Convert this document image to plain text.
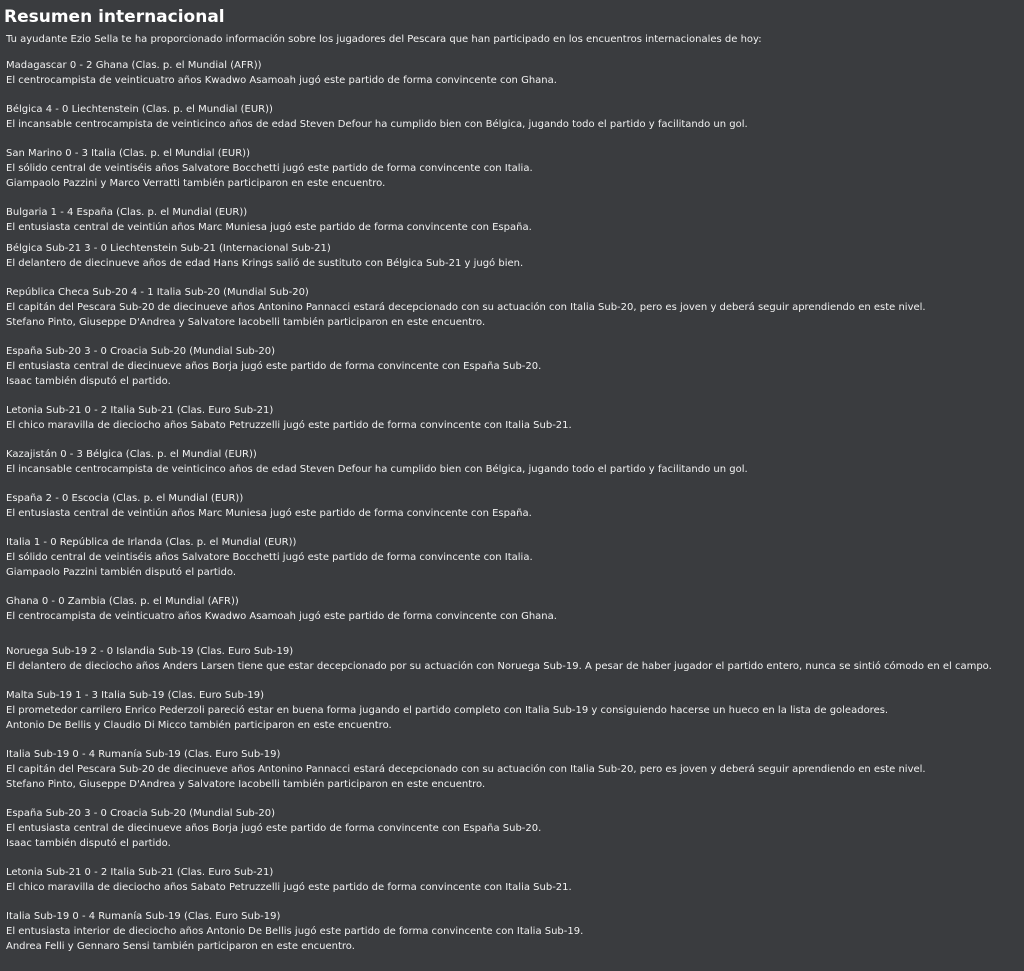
Resumen internacional
Tu ayudante Ezio Sella te ha proporcionado información sobre los jugadores del Pescara que han participado en los encuentros internacionales de hoy:
Madagascar 0 - 2 Ghana (Clas. p. el Mundial (AFR))
El centrocampista de veinticuatro años Kwadwo Asamoah jugó este partido de forma convincente con Ghana.
Bélgica 4 - 0 Liechtenstein (Clas. p. el Mundial (EUR))
El incansable centrocampista de veinticinco años de edad Steven Defour ha cumplido bien con Bélgica, jugando todo el partido y facilitando un gol.
San Marino 0 - 3 Italia (Clas. p. el Mundial (EUR))
El sólido central de veintiséis años Salvatore Bocchetti jugó este partido de forma convincente con Italia.
Giampaolo Pazzini y Marco Verratti también participaron en este encuentro.
Bulgaria 1 - 4 España (Clas. p. el Mundial (EUR))
El entusiasta central de veintiún años Marc Muniesa jugó este partido de forma convincente con España.
Bélgica Sub-21 3 - 0 Liechtenstein Sub-21 (Internacional Sub-21)
El delantero de diecinueve años de edad Hans Krings salió de sustituto con Bélgica Sub-21 y jugó bien.
República Checa Sub-20 4 - 1 Italia Sub-20 (Mundial Sub-20)
El capitán del Pescara Sub-20 de diecinueve años Antonino Pannacci estará decepcionado con su actuación con Italia Sub-20, pero es joven y deberá seguir aprendiendo en este nivel.
Stefano Pinto, Giuseppe D'Andrea y Salvatore Iacobelli también participaron en este encuentro.
España Sub-20 3 - 0 Croacia Sub-20 (Mundial Sub-20)
El entusiasta central de diecinueve años Borja jugó este partido de forma convincente con España Sub-20.
Isaac también disputó el partido.
Letonia Sub-21 0 - 2 Italia Sub-21 (Clas. Euro Sub-21)
El chico maravilla de dieciocho años Sabato Petruzzelli jugó este partido de forma convincente con Italia Sub-21.
Kazajistán 0 - 3 Bélgica (Clas. p. el Mundial (EUR))
El incansable centrocampista de veinticinco años de edad Steven Defour ha cumplido bien con Bélgica, jugando todo el partido y facilitando un gol.
España 2 - 0 Escocia (Clas. p. el Mundial (EUR))
El entusiasta central de veintiún años Marc Muniesa jugó este partido de forma convincente con España.
Italia 1 - 0 República de Irlanda (Clas. p. el Mundial (EUR))
El sólido central de veintiséis años Salvatore Bocchetti jugó este partido de forma convincente con Italia.
Giampaolo Pazzini también disputó el partido.
Ghana 0 - 0 Zambia (Clas. p. el Mundial (AFR))
El centrocampista de veinticuatro años Kwadwo Asamoah jugó este partido de forma convincente con Ghana.
Noruega Sub-19 2 - 0 Islandia Sub-19 (Clas. Euro Sub-19)
El delantero de dieciocho años Anders Larsen tiene que estar decepcionado por su actuación con Noruega Sub-19. A pesar de haber jugador el partido entero, nunca se sintió cómodo en el campo.
Malta Sub-19 1 - 3 Italia Sub-19 (Clas. Euro Sub-19)
El prometedor carrilero Enrico Pederzoli pareció estar en buena forma jugando el partido completo con Italia Sub-19 y consiguiendo hacerse un hueco en la lista de goleadores.
Antonio De Bellis y Claudio Di Micco también participaron en este encuentro.
Italia Sub-19 0 - 4 Rumanía Sub-19 (Clas. Euro Sub-19)
El capitán del Pescara Sub-20 de diecinueve años Antonino Pannacci estará decepcionado con su actuación con Italia Sub-20, pero es joven y deberá seguir aprendiendo en este nivel.
Stefano Pinto, Giuseppe D'Andrea y Salvatore Iacobelli también participaron en este encuentro.
España Sub-20 3 - 0 Croacia Sub-20 (Mundial Sub-20)
El entusiasta central de diecinueve años Borja jugó este partido de forma convincente con España Sub-20.
Isaac también disputó el partido.
Letonia Sub-21 0 - 2 Italia Sub-21 (Clas. Euro Sub-21)
El chico maravilla de dieciocho años Sabato Petruzzelli jugó este partido de forma convincente con Italia Sub-21.
Italia Sub-19 0 - 4 Rumanía Sub-19 (Clas. Euro Sub-19)
El entusiasta interior de dieciocho años Antonio De Bellis jugó este partido de forma convincente con Italia Sub-19.
Andrea Felli y Gennaro Sensi también participaron en este encuentro.
